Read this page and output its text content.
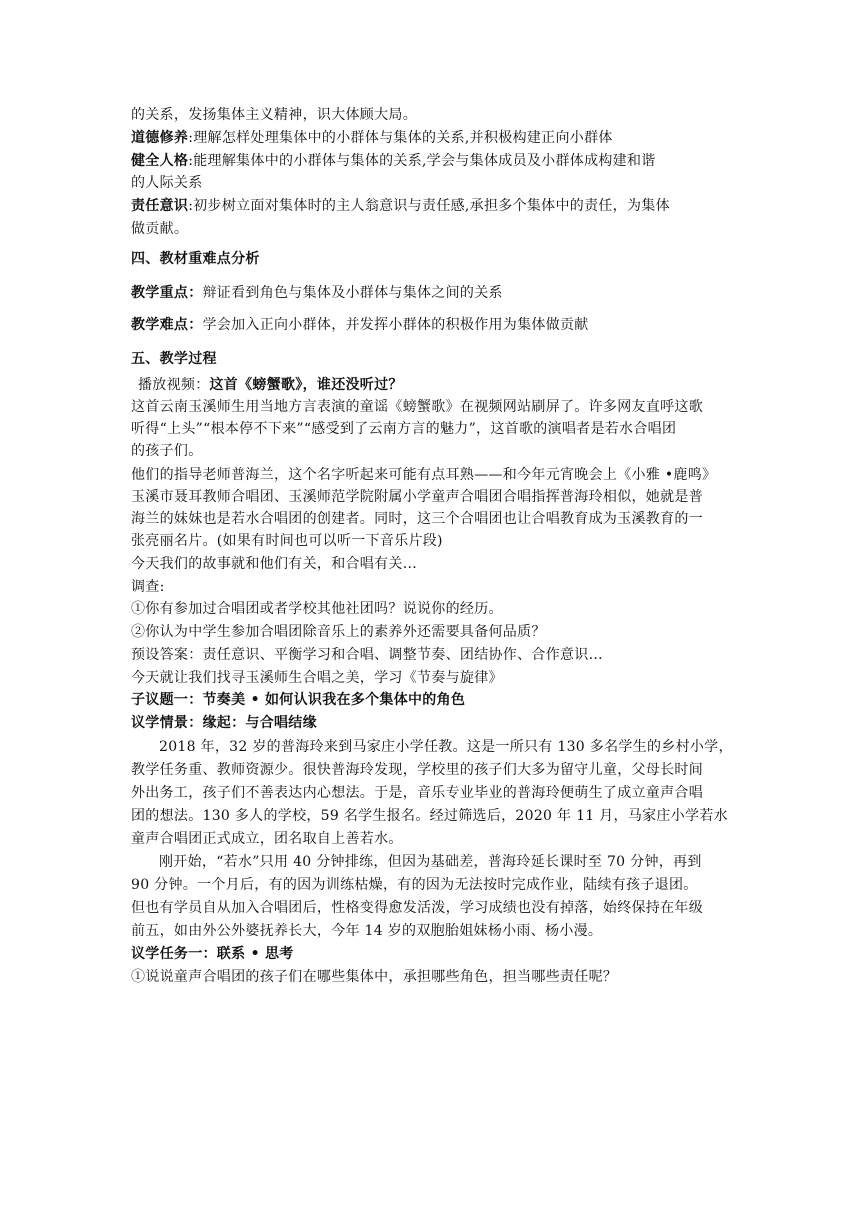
的关系，发扬集体主义精神，识大体顾大局。
道德修养:理解怎样处理集体中的小群体与集体的关系,并积极构建正向小群体
健全人格:能理解集体中的小群体与集体的关系,学会与集体成员及小群体成构建和谐
的人际关系
责任意识:初步树立面对集体时的主人翁意识与责任感,承担多个集体中的责任，为集体
做贡献。
四、教材重难点分析
教学重点：辩证看到角色与集体及小群体与集体之间的关系
教学难点：学会加入正向小群体，并发挥小群体的积极作用为集体做贡献
五、教学过程
播放视频：这首《螃蟹歌》，谁还没听过？
这首云南玉溪师生用当地方言表演的童谣《螃蟹歌》在视频网站刷屏了。许多网友直呼这歌
听得“上头”“根本停不下来”“感受到了云南方言的魅力”，这首歌的演唱者是若水合唱团
的孩子们。
他们的指导老师普海兰，这个名字听起来可能有点耳熟——和今年元宵晚会上《小雅 •鹿鸣》
玉溪市聂耳教师合唱团、玉溪师范学院附属小学童声合唱团合唱指挥普海玲相似，她就是普
海兰的妹妹也是若水合唱团的创建者。同时，这三个合唱团也让合唱教育成为玉溪教育的一
张亮丽名片。(如果有时间也可以听一下音乐片段)
今天我们的故事就和他们有关，和合唱有关...
调查:
①你有参加过合唱团或者学校其他社团吗？说说你的经历。
②你认为中学生参加合唱团除音乐上的素养外还需要具备何品质？
预设答案：责任意识、平衡学习和合唱、调整节奏、团结协作、合作意识...
今天就让我们找寻玉溪师生合唱之美，学习《节奏与旋律》
子议题一：节奏美 • 如何认识我在多个集体中的角色
议学情景：缘起：与合唱结缘
2018 年，32 岁的普海玲来到马家庄小学任教。这是一所只有 130 多名学生的乡村小学，
教学任务重、教师资源少。很快普海玲发现，学校里的孩子们大多为留守儿童，父母长时间
外出务工，孩子们不善表达内心想法。于是，音乐专业毕业的普海玲便萌生了成立童声合唱
团的想法。130 多人的学校，59 名学生报名。经过筛选后，2020 年 11 月，马家庄小学若水
童声合唱团正式成立，团名取自上善若水。
刚开始，“若水”只用 40 分钟排练，但因为基础差，普海玲延长课时至 70 分钟，再到
90 分钟。一个月后，有的因为训练枯燥，有的因为无法按时完成作业，陆续有孩子退团。
但也有学员自从加入合唱团后，性格变得愈发活泼，学习成绩也没有掉落，始终保持在年级
前五，如由外公外婆抚养长大，今年 14 岁的双胞胎姐妹杨小雨、杨小漫。
议学任务一：联系 • 思考
①说说童声合唱团的孩子们在哪些集体中，承担哪些角色，担当哪些责任呢？
